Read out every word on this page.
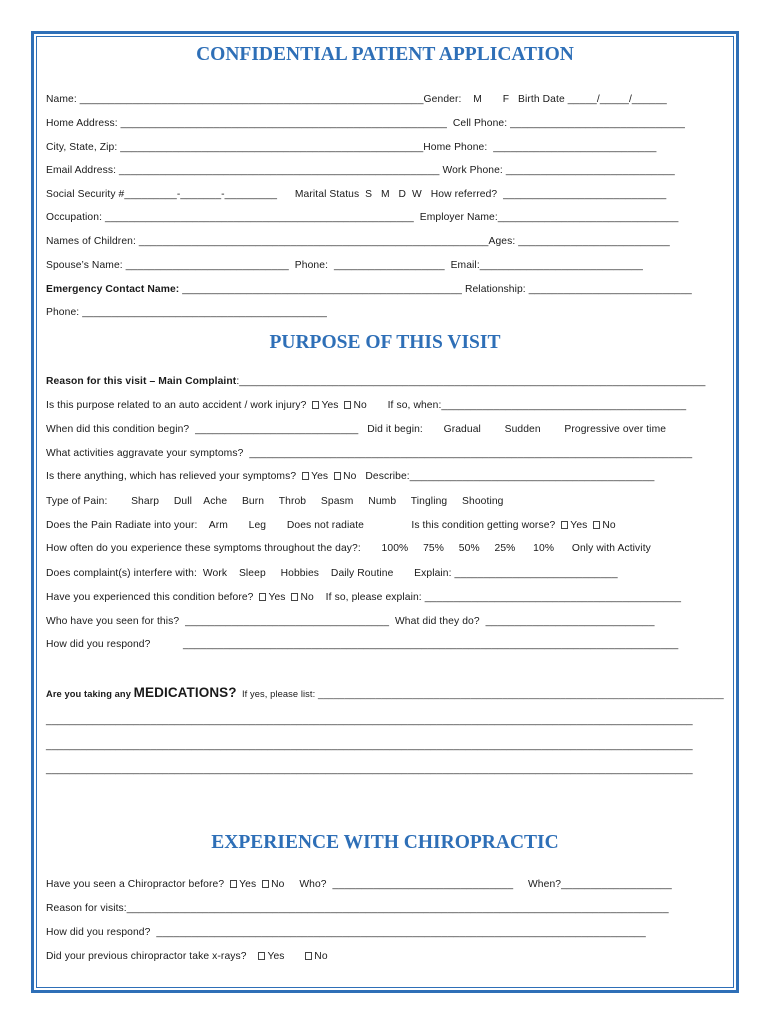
CONFIDENTIAL PATIENT APPLICATION
Name: ___________________________________________________________Gender:    M       F   Birth Date _____/_____/______
Home Address: ________________________________________________________  Cell Phone: ______________________________
City, State, Zip: ____________________________________________________Home Phone:  ____________________________
Email Address: _______________________________________________________ Work Phone: _____________________________
Social Security #_________-_______-_________      Marital Status  S   M   D  W   How referred?  ____________________________
Occupation: _____________________________________________________  Employer Name:_______________________________
Names of Children: ____________________________________________________________Ages: __________________________
Spouse’s Name: ____________________________  Phone:  ___________________  Email:____________________________
Emergency Contact Name: ________________________________________________ Relationship: ____________________________
Phone: __________________________________________
PURPOSE OF THIS VISIT
Reason for this visit – Main Complaint:________________________________________________________________________________
Is this purpose related to an auto accident / work injury?  Yes No       If so, when:__________________________________________
When did this condition begin?  ____________________________   Did it begin:       Gradual        Sudden        Progressive over time
What activities aggravate your symptoms?  ____________________________________________________________________________
Is there anything, which has relieved your symptoms?  Yes No   Describe:__________________________________________
Type of Pain:        Sharp     Dull    Ache     Burn     Throb     Spasm     Numb     Tingling     Shooting
Does the Pain Radiate into your:    Arm       Leg       Does not radiate                Is this condition getting worse?  Yes No
How often do you experience these symptoms throughout the day?:       100%     75%     50%     25%      10%      Only with Activity
Does complaint(s) interfere with:  Work    Sleep     Hobbies    Daily Routine       Explain: ____________________________
Have you experienced this condition before?  Yes No    If so, please explain: ____________________________________________
Who have you seen for this?  ___________________________________  What did they do?  _____________________________
How did you respond?           _____________________________________________________________________________________
Are you taking any MEDICATIONS?  If yes, please list: _____________________________________________________________________________
_______________________________________________________________________________________________________________
_______________________________________________________________________________________________________________
_______________________________________________________________________________________________________________
EXPERIENCE WITH CHIROPRACTIC
Have you seen a Chiropractor before?  Yes No     Who?  _______________________________     When?___________________
Reason for visits:_____________________________________________________________________________________________
How did you respond?  ____________________________________________________________________________________
Did your previous chiropractor take x-rays?    Yes	No
